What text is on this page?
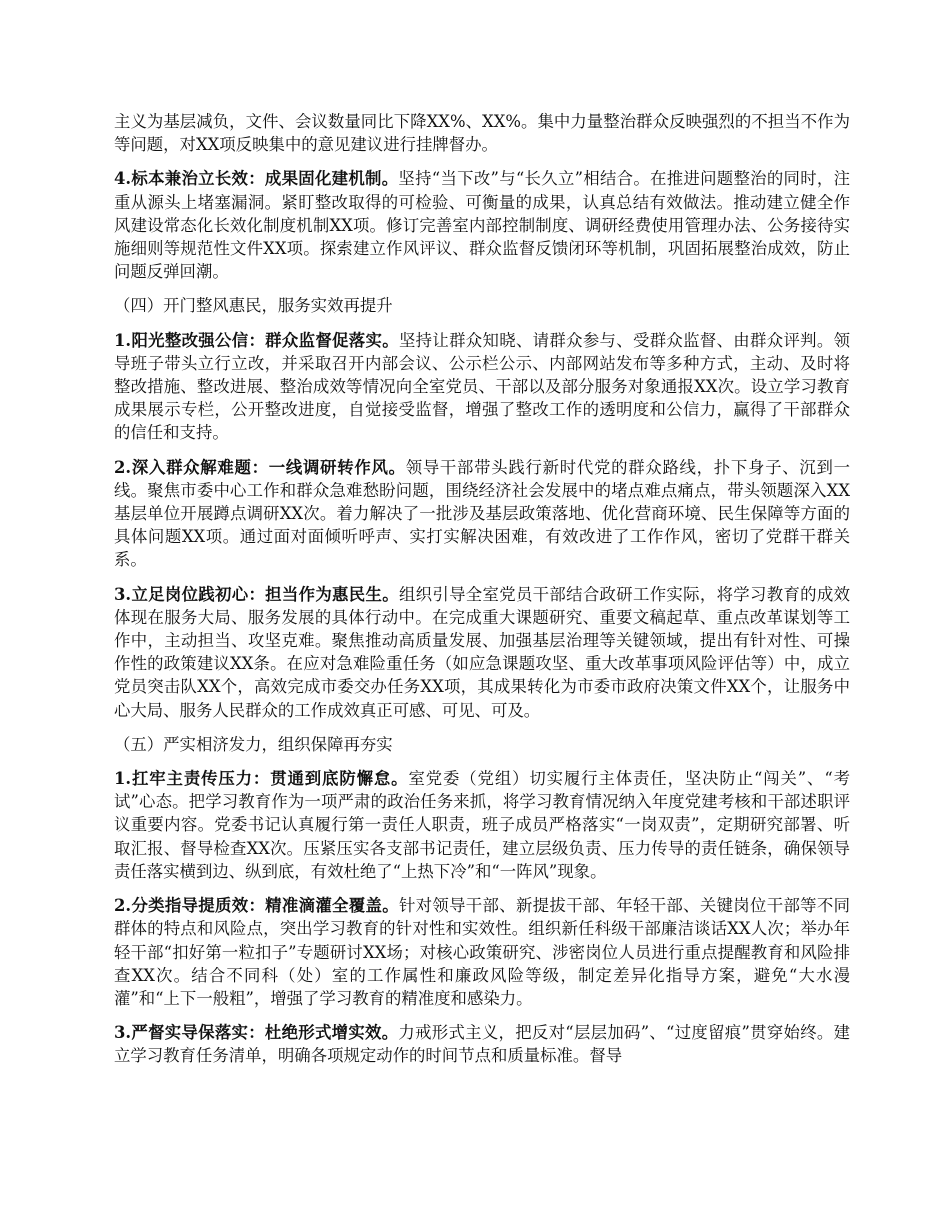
主义为基层减负，文件、会议数量同比下降XX%、XX%。集中力量整治群众反映强烈的不担当不作为等问题，对XX项反映集中的意见建议进行挂牌督办。

4.标本兼治立长效：成果固化建机制。坚持“当下改”与“长久立”相结合。在推进问题整治的同时，注重从源头上堵塞漏洞。紧盯整改取得的可检验、可衡量的成果，认真总结有效做法。推动建立健全作风建设常态化长效化制度机制XX项。修订完善室内部控制制度、调研经费使用管理办法、公务接待实施细则等规范性文件XX项。探索建立作风评议、群众监督反馈闭环等机制，巩固拓展整治成效，防止问题反弹回潮。

（四）开门整风惠民，服务实效再提升

1.阳光整改强公信：群众监督促落实。坚持让群众知晓、请群众参与、受群众监督、由群众评判。领导班子带头立行立改，并采取召开内部会议、公示栏公示、内部网站发布等多种方式，主动、及时将整改措施、整改进展、整治成效等情况向全室党员、干部以及部分服务对象通报XX次。设立学习教育成果展示专栏，公开整改进度，自觉接受监督，增强了整改工作的透明度和公信力，赢得了干部群众的信任和支持。

2.深入群众解难题：一线调研转作风。领导干部带头践行新时代党的群众路线，扑下身子、沉到一线。聚焦市委中心工作和群众急难愁盼问题，围绕经济社会发展中的堵点难点痛点，带头领题深入XX基层单位开展蹲点调研XX次。着力解决了一批涉及基层政策落地、优化营商环境、民生保障等方面的具体问题XX项。通过面对面倾听呼声、实打实解决困难，有效改进了工作作风，密切了党群干群关系。

3.立足岗位践初心：担当作为惠民生。组织引导全室党员干部结合政研工作实际，将学习教育的成效体现在服务大局、服务发展的具体行动中。在完成重大课题研究、重要文稿起草、重点改革谋划等工作中，主动担当、攻坚克难。聚焦推动高质量发展、加强基层治理等关键领域，提出有针对性、可操作性的政策建议XX条。在应对急难险重任务（如应急课题攻坚、重大改革事项风险评估等）中，成立党员突击队XX个，高效完成市委交办任务XX项，其成果转化为市委市政府决策文件XX个，让服务中心大局、服务人民群众的工作成效真正可感、可见、可及。

（五）严实相济发力，组织保障再夯实

1.扛牢主责传压力：贯通到底防懈怠。室党委（党组）切实履行主体责任，坚决防止“闯关”、“考试”心态。把学习教育作为一项严肃的政治任务来抓，将学习教育情况纳入年度党建考核和干部述职评议重要内容。党委书记认真履行第一责任人职责，班子成员严格落实“一岗双责”，定期研究部署、听取汇报、督导检查XX次。压紧压实各支部书记责任，建立层级负责、压力传导的责任链条，确保领导责任落实横到边、纵到底，有效杜绝了“上热下冷”和“一阵风”现象。

2.分类指导提质效：精准滴灌全覆盖。针对领导干部、新提拔干部、年轻干部、关键岗位干部等不同群体的特点和风险点，突出学习教育的针对性和实效性。组织新任科级干部廉洁谈话XX人次；举办年轻干部“扣好第一粒扣子”专题研讨XX场；对核心政策研究、涉密岗位人员进行重点提醒教育和风险排查XX次。结合不同科（处）室的工作属性和廉政风险等级，制定差异化指导方案，避免“大水漫灌”和“上下一般粗”，增强了学习教育的精准度和感染力。

3.严督实导保落实：杜绝形式增实效。力戒形式主义，把反对“层层加码”、“过度留痕”贯穿始终。建立学习教育任务清单，明确各项规定动作的时间节点和质量标准。督导
